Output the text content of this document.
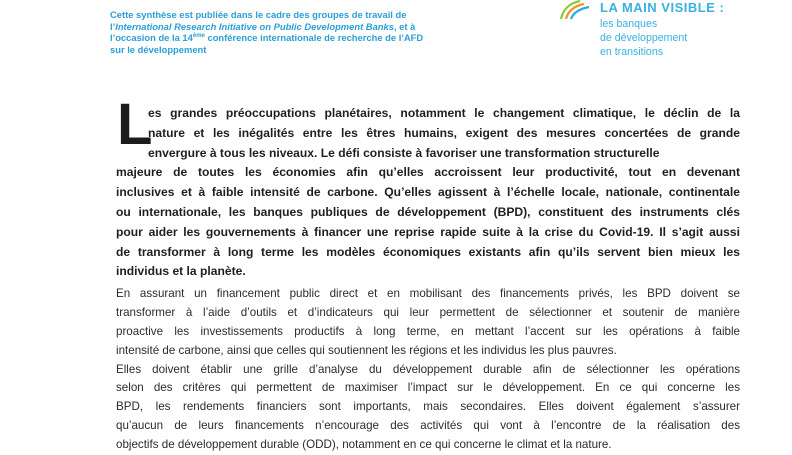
Cette synthèse est publiée dans le cadre des groupes de travail de
l’International Research Initiative on Public Development Banks, et à
l’occasion de la 14ème conférence internationale de recherche de l’AFD
sur le développement
LA MAIN VISIBLE :
les banques
de développement
en transitions
L
es grandes préoccupations planétaires, notamment le changement climatique, le déclin de la
nature et les inégalités entre les êtres humains, exigent des mesures concertées de grande
envergure à tous les niveaux. Le défi consiste à favoriser une transformation structurelle
majeure de toutes les économies afin qu’elles accroissent leur productivité, tout en devenant
inclusives et à faible intensité de carbone. Qu’elles agissent à l’échelle locale, nationale, continentale
ou internationale, les banques publiques de développement (BPD), constituent des instruments clés
pour aider les gouvernements à financer une reprise rapide suite à la crise du Covid-19. Il s’agit aussi
de transformer à long terme les modèles économiques existants afin qu’ils servent bien mieux les
individus et la planète.
En assurant un financement public direct et en mobilisant des financements privés, les BPD doivent se
transformer à l’aide d’outils et d’indicateurs qui leur permettent de sélectionner et soutenir de manière
proactive les investissements productifs à long terme, en mettant l’accent sur les opérations à faible
intensité de carbone, ainsi que celles qui soutiennent les régions et les individus les plus pauvres.
Elles doivent établir une grille d’analyse du développement durable afin de sélectionner les opérations
selon des critères qui permettent de maximiser l’impact sur le développement. En ce qui concerne les
BPD, les rendements financiers sont importants, mais secondaires. Elles doivent également s’assurer
qu’aucun de leurs financements n’encourage des activités qui vont à l’encontre de la réalisation des
objectifs de développement durable (ODD), notamment en ce qui concerne le climat et la nature.
